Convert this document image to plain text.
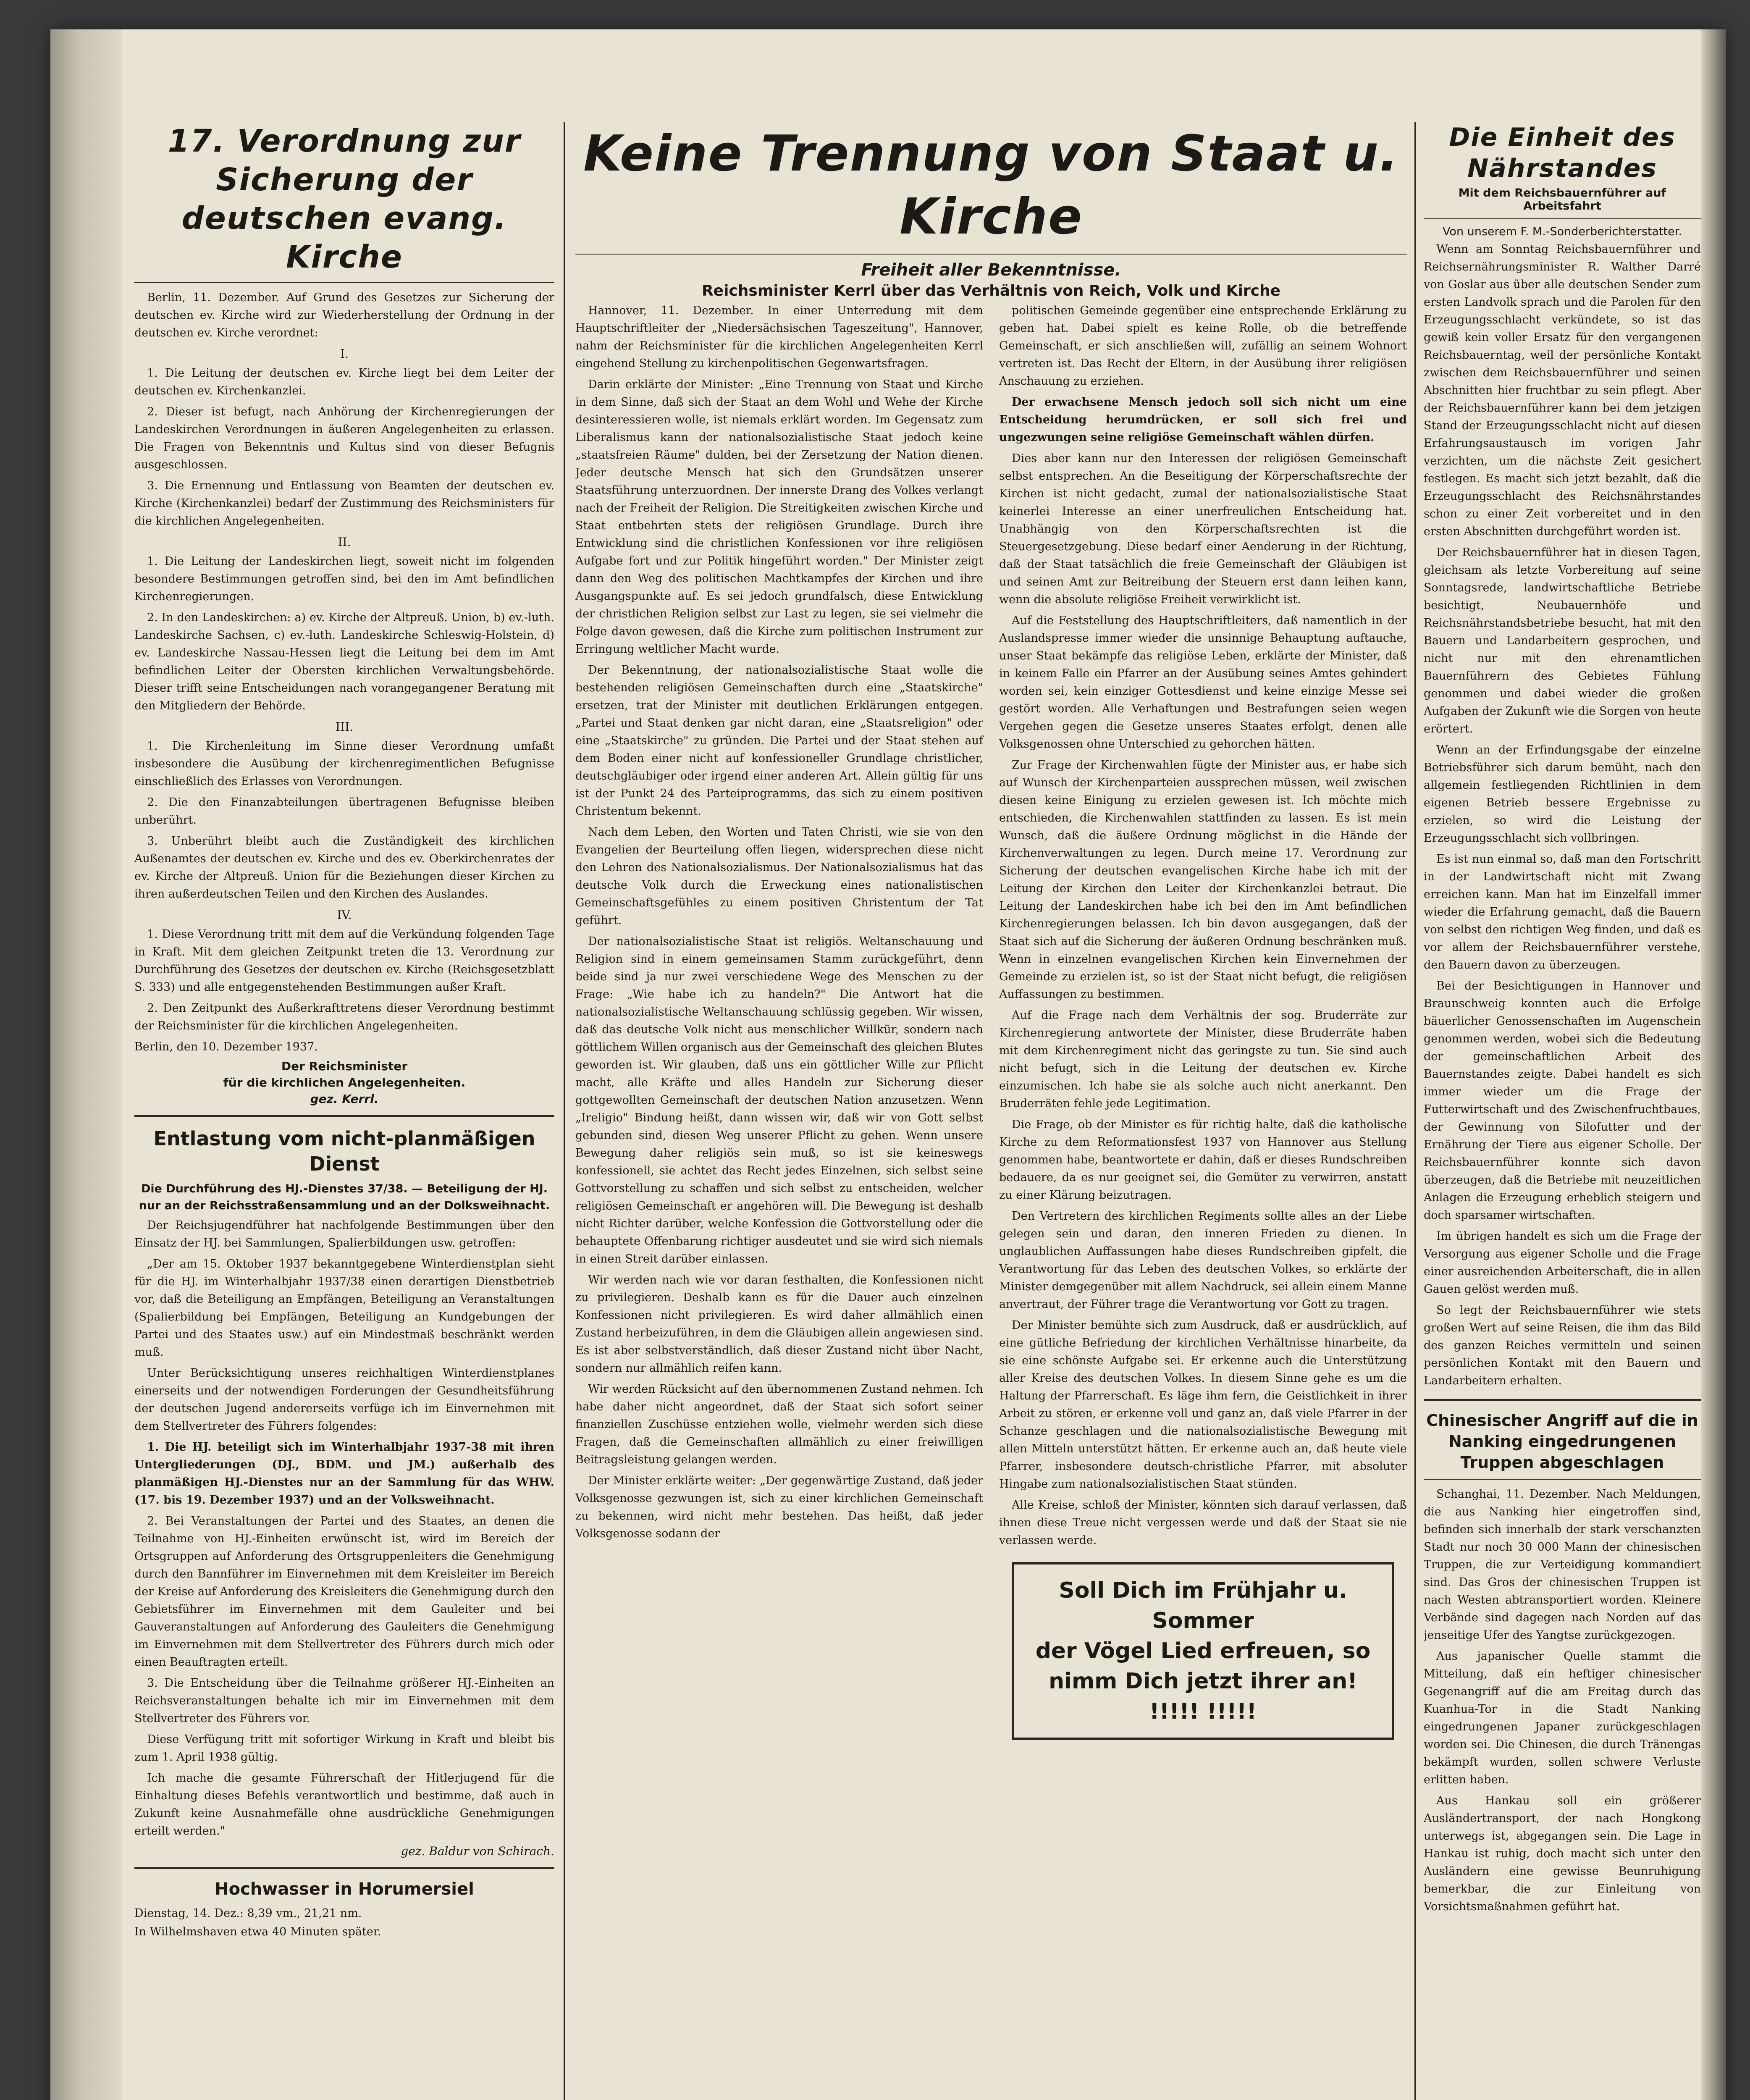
17. Verordnung zur Sicherung der deutschen evang. Kirche

Berlin, 11. Dezember. Auf Grund des Gesetzes zur Sicherung der deutschen ev. Kirche wird zur Wiederherstellung der Ordnung in der deutschen ev. Kirche verordnet:

I.

1. Die Leitung der deutschen ev. Kirche liegt bei dem Leiter der deutschen ev. Kirchenkanzlei.

2. Dieser ist befugt, nach Anhörung der Kirchenregierungen der Landeskirchen Verordnungen in äußeren Angelegenheiten zu erlassen. Die Fragen von Bekenntnis und Kultus sind von dieser Befugnis ausgeschlossen.

3. Die Ernennung und Entlassung von Beamten der deutschen ev. Kirche (Kirchenkanzlei) bedarf der Zustimmung des Reichsministers für die kirchlichen Angelegenheiten.

II.

1. Die Leitung der Landeskirchen liegt, soweit nicht im folgenden besondere Bestimmungen getroffen sind, bei den im Amt befindlichen Kirchenregierungen.

2. In den Landeskirchen: a) ev. Kirche der Altpreuß. Union, b) ev.-luth. Landeskirche Sachsen, c) ev.-luth. Landeskirche Schleswig-Holstein, d) ev. Landeskirche Nassau-Hessen liegt die Leitung bei dem im Amt befindlichen Leiter der Obersten kirchlichen Verwaltungsbehörde. Dieser trifft seine Entscheidungen nach vorangegangener Beratung mit den Mitgliedern der Behörde.

III.

1. Die Kirchenleitung im Sinne dieser Verordnung umfaßt insbesondere die Ausübung der kirchenregimentlichen Befugnisse einschließlich des Erlasses von Verordnungen.

2. Die den Finanzabteilungen übertragenen Befugnisse bleiben unberührt.

3. Unberührt bleibt auch die Zuständigkeit des kirchlichen Außenamtes der deutschen ev. Kirche und des ev. Oberkirchenrates der ev. Kirche der Altpreuß. Union für die Beziehungen dieser Kirchen zu ihren außerdeutschen Teilen und den Kirchen des Auslandes.

IV.

1. Diese Verordnung tritt mit dem auf die Verkündung folgenden Tage in Kraft. Mit dem gleichen Zeitpunkt treten die 13. Verordnung zur Durchführung des Gesetzes der deutschen ev. Kirche (Reichsgesetzblatt S. 333) und alle entgegenstehenden Bestimmungen außer Kraft.

2. Den Zeitpunkt des Außerkrafttretens dieser Verordnung bestimmt der Reichsminister für die kirchlichen Angelegenheiten.

Berlin, den 10. Dezember 1937.

Der Reichsminister
für die kirchlichen Angelegenheiten.
gez. Kerrl.
Entlastung vom nicht-planmäßigen Dienst
Die Durchführung des HJ.-Dienstes 37/38. — Beteiligung der HJ. nur an der Reichsstraßensammlung und an der Dolksweihnacht.

Der Reichsjugendführer hat nachfolgende Bestimmungen über den Einsatz der HJ. bei Sammlungen, Spalierbildungen usw. getroffen:

„Der am 15. Oktober 1937 bekanntgegebene Winterdienstplan sieht für die HJ. im Winterhalbjahr 1937/38 einen derartigen Dienstbetrieb vor, daß die Beteiligung an Empfängen, Beteiligung an Veranstaltungen (Spalierbildung bei Empfängen, Beteiligung an Kundgebungen der Partei und des Staates usw.) auf ein Mindestmaß beschränkt werden muß.

Unter Berücksichtigung unseres reichhaltigen Winterdienstplanes einerseits und der notwendigen Forderungen der Gesundheitsführung der deutschen Jugend andererseits verfüge ich im Einvernehmen mit dem Stellvertreter des Führers folgendes:

1. Die HJ. beteiligt sich im Winterhalbjahr 1937-38 mit ihren Untergliederungen (DJ., BDM. und JM.) außerhalb des planmäßigen HJ.-Dienstes nur an der Sammlung für das WHW. (17. bis 19. Dezember 1937) und an der Volksweihnacht.

2. Bei Veranstaltungen der Partei und des Staates, an denen die Teilnahme von HJ.-Einheiten erwünscht ist, wird im Bereich der Ortsgruppen auf Anforderung des Ortsgruppenleiters die Genehmigung durch den Bannführer im Einvernehmen mit dem Kreisleiter im Bereich der Kreise auf Anforderung des Kreisleiters die Genehmigung durch den Gebietsführer im Einvernehmen mit dem Gauleiter und bei Gauveranstaltungen auf Anforderung des Gauleiters die Genehmigung im Einvernehmen mit dem Stellvertreter des Führers durch mich oder einen Beauftragten erteilt.

3. Die Entscheidung über die Teilnahme größerer HJ.-Einheiten an Reichsveranstaltungen behalte ich mir im Einvernehmen mit dem Stellvertreter des Führers vor.

Diese Verfügung tritt mit sofortiger Wirkung in Kraft und bleibt bis zum 1. April 1938 gültig.

Ich mache die gesamte Führerschaft der Hitlerjugend für die Einhaltung dieses Befehls verantwortlich und bestimme, daß auch in Zukunft keine Ausnahmefälle ohne ausdrückliche Genehmigungen erteilt werden."

gez. Baldur von Schirach.
Hochwasser in Horumersiel
Dienstag, 14. Dez.: 8,39 vm., 21,21 nm.
In Wilhelmshaven etwa 40 Minuten später.
Keine Trennung von Staat u. Kirche
Freiheit aller Bekenntnisse.
Reichsminister Kerrl über das Verhältnis von Reich, Volk und Kirche

Hannover, 11. Dezember. In einer Unterredung mit dem Hauptschriftleiter der „Niedersächsischen Tageszeitung", Hannover, nahm der Reichsminister für die kirchlichen Angelegenheiten Kerrl eingehend Stellung zu kirchenpolitischen Gegenwartsfragen.

Darin erklärte der Minister: „Eine Trennung von Staat und Kirche in dem Sinne, daß sich der Staat an dem Wohl und Wehe der Kirche desinteressieren wolle, ist niemals erklärt worden. Im Gegensatz zum Liberalismus kann der nationalsozialistische Staat jedoch keine „staatsfreien Räume" dulden, bei der Zersetzung der Nation dienen. Jeder deutsche Mensch hat sich den Grundsätzen unserer Staatsführung unterzuordnen. Der innerste Drang des Volkes verlangt nach der Freiheit der Religion. Die Streitigkeiten zwischen Kirche und Staat entbehrten stets der religiösen Grundlage. Durch ihre Entwicklung sind die christlichen Konfessionen vor ihre religiösen Aufgabe fort und zur Politik hingeführt worden." Der Minister zeigt dann den Weg des politischen Machtkampfes der Kirchen und ihre Ausgangspunkte auf. Es sei jedoch grundfalsch, diese Entwicklung der christlichen Religion selbst zur Last zu legen, sie sei vielmehr die Folge davon gewesen, daß die Kirche zum politischen Instrument zur Erringung weltlicher Macht wurde.

Der Bekenntnung, der nationalsozialistische Staat wolle die bestehenden religiösen Gemeinschaften durch eine „Staatskirche" ersetzen, trat der Minister mit deutlichen Erklärungen entgegen. „Partei und Staat denken gar nicht daran, eine „Staatsreligion" oder eine „Staatskirche" zu gründen. Die Partei und der Staat stehen auf dem Boden einer nicht auf konfessioneller Grundlage christlicher, deutschgläubiger oder irgend einer anderen Art. Allein gültig für uns ist der Punkt 24 des Parteiprogramms, das sich zu einem positiven Christentum bekennt.

Nach dem Leben, den Worten und Taten Christi, wie sie von den Evangelien der Beurteilung offen liegen, widersprechen diese nicht den Lehren des Nationalsozialismus. Der Nationalsozialismus hat das deutsche Volk durch die Erweckung eines nationalistischen Gemeinschaftsgefühles zu einem positiven Christentum der Tat geführt.

Der nationalsozialistische Staat ist religiös. Weltanschauung und Religion sind in einem gemeinsamen Stamm zurückgeführt, denn beide sind ja nur zwei verschiedene Wege des Menschen zu der Frage: „Wie habe ich zu handeln?" Die Antwort hat die nationalsozialistische Weltanschauung schlüssig gegeben. Wir wissen, daß das deutsche Volk nicht aus menschlicher Willkür, sondern nach göttlichem Willen organisch aus der Gemeinschaft des gleichen Blutes geworden ist. Wir glauben, daß uns ein göttlicher Wille zur Pflicht macht, alle Kräfte und alles Handeln zur Sicherung dieser gottgewollten Gemeinschaft der deutschen Nation anzusetzen. Wenn „Ireligio" Bindung heißt, dann wissen wir, daß wir von Gott selbst gebunden sind, diesen Weg unserer Pflicht zu gehen. Wenn unsere Bewegung daher religiös sein muß, so ist sie keineswegs konfessionell, sie achtet das Recht jedes Einzelnen, sich selbst seine Gottvorstellung zu schaffen und sich selbst zu entscheiden, welcher religiösen Gemeinschaft er angehören will. Die Bewegung ist deshalb nicht Richter darüber, welche Konfession die Gottvorstellung oder die behauptete Offenbarung richtiger ausdeutet und sie wird sich niemals in einen Streit darüber einlassen.

Wir werden nach wie vor daran festhalten, die Konfessionen nicht zu privilegieren. Deshalb kann es für die Dauer auch einzelnen Konfessionen nicht privilegieren. Es wird daher allmählich einen Zustand herbeizuführen, in dem die Gläubigen allein angewiesen sind. Es ist aber selbstverständlich, daß dieser Zustand nicht über Nacht, sondern nur allmählich reifen kann.

Wir werden Rücksicht auf den übernommenen Zustand nehmen. Ich habe daher nicht angeordnet, daß der Staat sich sofort seiner finanziellen Zuschüsse entziehen wolle, vielmehr werden sich diese Fragen, daß die Gemeinschaften allmählich zu einer freiwilligen Beitragsleistung gelangen werden.

Der Minister erklärte weiter: „Der gegenwärtige Zustand, daß jeder Volksgenosse gezwungen ist, sich zu einer kirchlichen Gemeinschaft zu bekennen, wird nicht mehr bestehen. Das heißt, daß jeder Volksgenosse sodann der

politischen Gemeinde gegenüber eine entsprechende Erklärung zu geben hat. Dabei spielt es keine Rolle, ob die betreffende Gemeinschaft, er sich anschließen will, zufällig an seinem Wohnort vertreten ist. Das Recht der Eltern, in der Ausübung ihrer religiösen Anschauung zu erziehen.

Der erwachsene Mensch jedoch soll sich nicht um eine Entscheidung herumdrücken, er soll sich frei und ungezwungen seine religiöse Gemeinschaft wählen dürfen.

Dies aber kann nur den Interessen der religiösen Gemeinschaft selbst entsprechen. An die Beseitigung der Körperschaftsrechte der Kirchen ist nicht gedacht, zumal der nationalsozialistische Staat keinerlei Interesse an einer unerfreulichen Entscheidung hat. Unabhängig von den Körperschaftsrechten ist die Steuergesetzgebung. Diese bedarf einer Aenderung in der Richtung, daß der Staat tatsächlich die freie Gemeinschaft der Gläubigen ist und seinen Amt zur Beitreibung der Steuern erst dann leihen kann, wenn die absolute religiöse Freiheit verwirklicht ist.

Auf die Feststellung des Hauptschriftleiters, daß namentlich in der Auslandspresse immer wieder die unsinnige Behauptung auftauche, unser Staat bekämpfe das religiöse Leben, erklärte der Minister, daß in keinem Falle ein Pfarrer an der Ausübung seines Amtes gehindert worden sei, kein einziger Gottesdienst und keine einzige Messe sei gestört worden. Alle Verhaftungen und Bestrafungen seien wegen Vergehen gegen die Gesetze unseres Staates erfolgt, denen alle Volksgenossen ohne Unterschied zu gehorchen hätten.

Zur Frage der Kirchenwahlen fügte der Minister aus, er habe sich auf Wunsch der Kirchenparteien aussprechen müssen, weil zwischen diesen keine Einigung zu erzielen gewesen ist. Ich möchte mich entschieden, die Kirchenwahlen stattfinden zu lassen. Es ist mein Wunsch, daß die äußere Ordnung möglichst in die Hände der Kirchenverwaltungen zu legen. Durch meine 17. Verordnung zur Sicherung der deutschen evangelischen Kirche habe ich mit der Leitung der Kirchen den Leiter der Kirchenkanzlei betraut. Die Leitung der Landeskirchen habe ich bei den im Amt befindlichen Kirchenregierungen belassen. Ich bin davon ausgegangen, daß der Staat sich auf die Sicherung der äußeren Ordnung beschränken muß. Wenn in einzelnen evangelischen Kirchen kein Einvernehmen der Gemeinde zu erzielen ist, so ist der Staat nicht befugt, die religiösen Auffassungen zu bestimmen.

Auf die Frage nach dem Verhältnis der sog. Bruderräte zur Kirchenregierung antwortete der Minister, diese Bruderräte haben mit dem Kirchenregiment nicht das geringste zu tun. Sie sind auch nicht befugt, sich in die Leitung der deutschen ev. Kirche einzumischen. Ich habe sie als solche auch nicht anerkannt. Den Bruderräten fehle jede Legitimation.

Die Frage, ob der Minister es für richtig halte, daß die katholische Kirche zu dem Reformationsfest 1937 von Hannover aus Stellung genommen habe, beantwortete er dahin, daß er dieses Rundschreiben bedauere, da es nur geeignet sei, die Gemüter zu verwirren, anstatt zu einer Klärung beizutragen.

Den Vertretern des kirchlichen Regiments sollte alles an der Liebe gelegen sein und daran, den inneren Frieden zu dienen. In unglaublichen Auffassungen habe dieses Rundschreiben gipfelt, die Verantwortung für das Leben des deutschen Volkes, so erklärte der Minister demgegenüber mit allem Nachdruck, sei allein einem Manne anvertraut, der Führer trage die Verantwortung vor Gott zu tragen.

Der Minister bemühte sich zum Ausdruck, daß er ausdrücklich, auf eine gütliche Befriedung der kirchlichen Verhältnisse hinarbeite, da sie eine schönste Aufgabe sei. Er erkenne auch die Unterstützung aller Kreise des deutschen Volkes. In diesem Sinne gehe es um die Haltung der Pfarrerschaft. Es läge ihm fern, die Geistlichkeit in ihrer Arbeit zu stören, er erkenne voll und ganz an, daß viele Pfarrer in der Schanze geschlagen und die nationalsozialistische Bewegung mit allen Mitteln unterstützt hätten. Er erkenne auch an, daß heute viele Pfarrer, insbesondere deutsch-christliche Pfarrer, mit absoluter Hingabe zum nationalsozialistischen Staat stünden.

Alle Kreise, schloß der Minister, könnten sich darauf verlassen, daß ihnen diese Treue nicht vergessen werde und daß der Staat sie nie verlassen werde.

Soll Dich im Frühjahr u. Sommer
der Vögel Lied erfreuen, so
nimm Dich jetzt ihrer an! !!!!! !!!!!
Die Einheit des Nährstandes
Mit dem Reichsbauernführer auf Arbeitsfahrt
Von unserem F. M.-Sonderberichterstatter.

Wenn am Sonntag Reichsbauernführer und Reichsernährungsminister R. Walther Darré von Goslar aus über alle deutschen Sender zum ersten Landvolk sprach und die Parolen für den Erzeugungsschlacht verkündete, so ist das gewiß kein voller Ersatz für den vergangenen Reichsbauerntag, weil der persönliche Kontakt zwischen dem Reichsbauernführer und seinen Abschnitten hier fruchtbar zu sein pflegt. Aber der Reichsbauernführer kann bei dem jetzigen Stand der Erzeugungsschlacht nicht auf diesen Erfahrungsaustausch im vorigen Jahr verzichten, um die nächste Zeit gesichert festlegen. Es macht sich jetzt bezahlt, daß die Erzeugungsschlacht des Reichsnährstandes schon zu einer Zeit vorbereitet und in den ersten Abschnitten durchgeführt worden ist.

Der Reichsbauernführer hat in diesen Tagen, gleichsam als letzte Vorbereitung auf seine Sonntagsrede, landwirtschaftliche Betriebe besichtigt, Neubauernhöfe und Reichsnährstandsbetriebe besucht, hat mit den Bauern und Landarbeitern gesprochen, und nicht nur mit den ehrenamtlichen Bauernführern des Gebietes Fühlung genommen und dabei wieder die großen Aufgaben der Zukunft wie die Sorgen von heute erörtert.

Wenn an der Erfindungsgabe der einzelne Betriebsführer sich darum bemüht, nach den allgemein festliegenden Richtlinien in dem eigenen Betrieb bessere Ergebnisse zu erzielen, so wird die Leistung der Erzeugungsschlacht sich vollbringen.

Es ist nun einmal so, daß man den Fortschritt in der Landwirtschaft nicht mit Zwang erreichen kann. Man hat im Einzelfall immer wieder die Erfahrung gemacht, daß die Bauern von selbst den richtigen Weg finden, und daß es vor allem der Reichsbauernführer verstehe, den Bauern davon zu überzeugen.

Bei der Besichtigungen in Hannover und Braunschweig konnten auch die Erfolge bäuerlicher Genossenschaften im Augenschein genommen werden, wobei sich die Bedeutung der gemeinschaftlichen Arbeit des Bauernstandes zeigte. Dabei handelt es sich immer wieder um die Frage der Futterwirtschaft und des Zwischenfruchtbaues, der Gewinnung von Silofutter und der Ernährung der Tiere aus eigener Scholle. Der Reichsbauernführer konnte sich davon überzeugen, daß die Betriebe mit neuzeitlichen Anlagen die Erzeugung erheblich steigern und doch sparsamer wirtschaften.

Im übrigen handelt es sich um die Frage der Versorgung aus eigener Scholle und die Frage einer ausreichenden Arbeiterschaft, die in allen Gauen gelöst werden muß.

So legt der Reichsbauernführer wie stets großen Wert auf seine Reisen, die ihm das Bild des ganzen Reiches vermitteln und seinen persönlichen Kontakt mit den Bauern und Landarbeitern erhalten.

Chinesischer Angriff auf die in Nanking eingedrungenen Truppen abgeschlagen

Schanghai, 11. Dezember. Nach Meldungen, die aus Nanking hier eingetroffen sind, befinden sich innerhalb der stark verschanzten Stadt nur noch 30 000 Mann der chinesischen Truppen, die zur Verteidigung kommandiert sind. Das Gros der chinesischen Truppen ist nach Westen abtransportiert worden. Kleinere Verbände sind dagegen nach Norden auf das jenseitige Ufer des Yangtse zurückgezogen.

Aus japanischer Quelle stammt die Mitteilung, daß ein heftiger chinesischer Gegenangriff auf die am Freitag durch das Kuanhua-Tor in die Stadt Nanking eingedrungenen Japaner zurückgeschlagen worden sei. Die Chinesen, die durch Tränengas bekämpft wurden, sollen schwere Verluste erlitten haben.

Aus Hankau soll ein größerer Ausländertransport, der nach Hongkong unterwegs ist, abgegangen sein. Die Lage in Hankau ist ruhig, doch macht sich unter den Ausländern eine gewisse Beunruhigung bemerkbar, die zur Einleitung von Vorsichtsmaßnahmen geführt hat.
